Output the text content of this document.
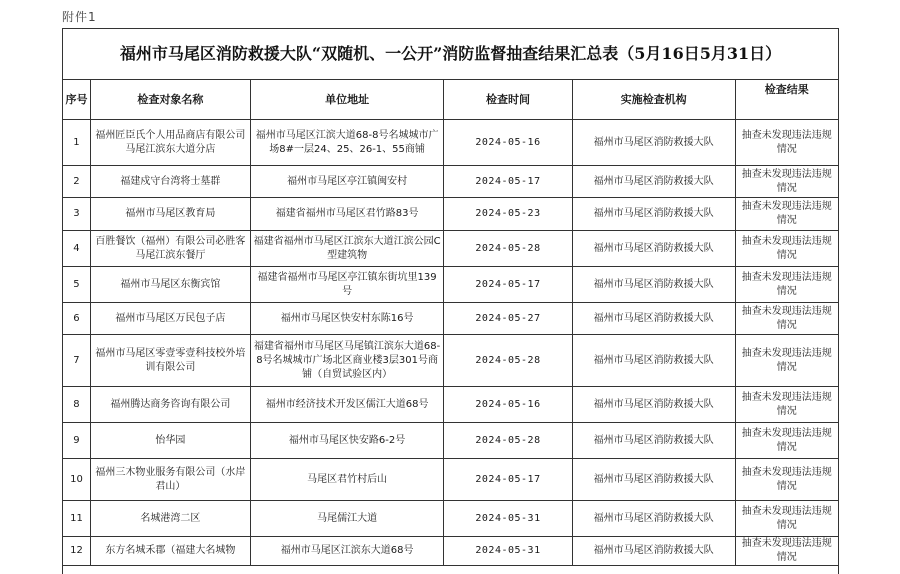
附件1
福州市马尾区消防救援大队“双随机、一公开”消防监督抽查结果汇总表（5月16日5月31日）
序号	检查对象名称	单位地址	检查时间	实施检查机构	检查结果
1	福州匠臣氏个人用品商店有限公司马尾江滨东大道分店	福州市马尾区江滨大道68-8号名城城市广场8#一层24、25、26-1、55商铺	2024-05-16	福州市马尾区消防救援大队	抽查未发现违法违规情况
2	福建戍守台湾将士墓群	福州市马尾区亭江镇闽安村	2024-05-17	福州市马尾区消防救援大队	抽查未发现违法违规情况
3	福州市马尾区教育局	福建省福州市马尾区君竹路83号	2024-05-23	福州市马尾区消防救援大队	抽查未发现违法违规情况
4	百胜餐饮（福州）有限公司必胜客马尾江滨东餐厅	福建省福州市马尾区江滨东大道江滨公园C型建筑物	2024-05-28	福州市马尾区消防救援大队	抽查未发现违法违规情况
5	福州市马尾区东衡宾馆	福建省福州市马尾区亭江镇东街坑里139号	2024-05-17	福州市马尾区消防救援大队	抽查未发现违法违规情况
6	福州市马尾区万民包子店	福州市马尾区快安村东陈16号	2024-05-27	福州市马尾区消防救援大队	抽查未发现违法违规情况
7	福州市马尾区零壹零壹科技校外培训有限公司	福建省福州市马尾区马尾镇江滨东大道68-8号名城城市广场北区商业楼3层301号商铺（自贸试验区内）	2024-05-28	福州市马尾区消防救援大队	抽查未发现违法违规情况
8	福州腾达商务咨询有限公司	福州市经济技术开发区儒江大道68号	2024-05-16	福州市马尾区消防救援大队	抽查未发现违法违规情况
9	怡华园	福州市马尾区快安路6-2号	2024-05-28	福州市马尾区消防救援大队	抽查未发现违法违规情况
10	福州三木物业服务有限公司（水岸君山）	马尾区君竹村后山	2024-05-17	福州市马尾区消防救援大队	抽查未发现违法违规情况
11	名城港湾二区	马尾儒江大道	2024-05-31	福州市马尾区消防救援大队	抽查未发现违法违规情况
12	东方名城禾郡（福建大名城物	福州市马尾区江滨东大道68号	2024-05-31	福州市马尾区消防救援大队	抽查未发现违法违规情况
